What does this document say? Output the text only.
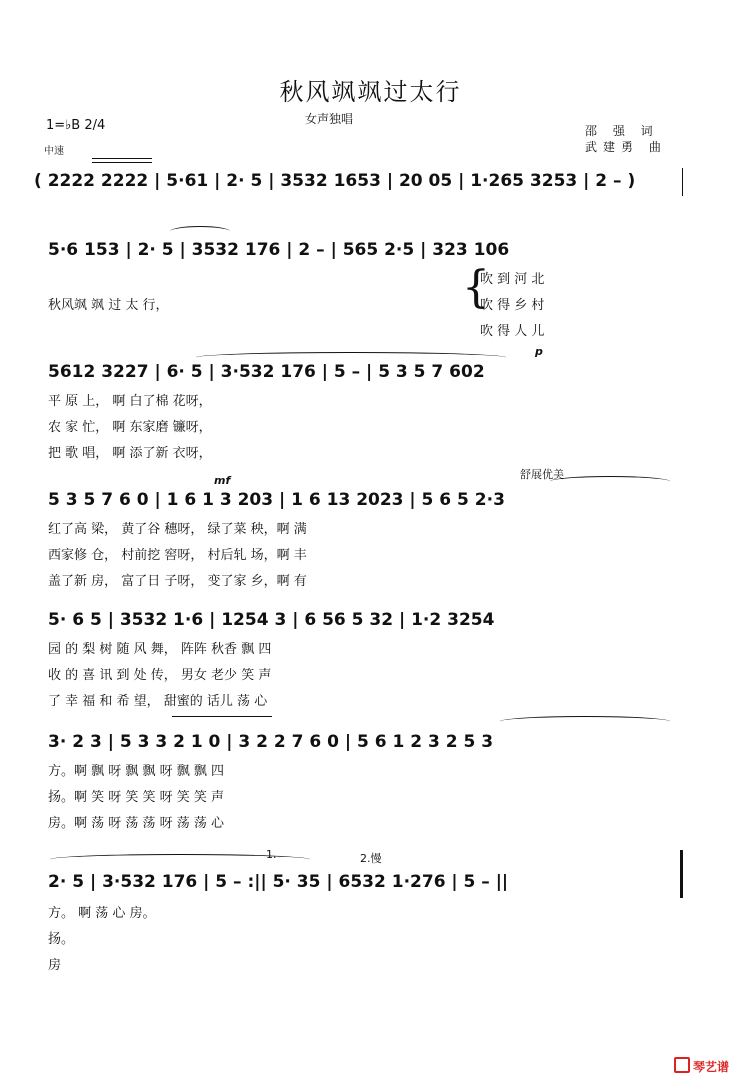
秋风飒飒过太行
女声独唱
邵 强 词
武建勇 曲
1=♭B 2/4
中速
( 2222 2222 | 5·61 | 2· 5 | 3532 1653 | 20 05 | 1·265 3253 | 2 – )
5·6 153 | 2· 5 | 3532 176 | 2 – | 565 2·5 | 323 106
秋风飒 飒 过 太 行，	{
吹 到 河 北
吹 得 乡 村
吹 得 人 儿
p
5612 3227 | 6· 5 | 3·532 176 | 5 – | 5 3 5 7 602
平 原 上， 啊 白了棉 花呀，
农 家 忙， 啊 东家磨 镰呀，
把 歌 唱， 啊 添了新 衣呀，
mf	舒展优美
5 3 5 7 6 0 | 1 6 1 3 203 | 1 6 13 2023 | 5 6 5 2·3
红了高 梁， 黄了谷 穗呀， 绿了菜 秧，啊 满
西家修 仓， 村前挖 窖呀， 村后轧 场，啊 丰
盖了新 房， 富了日 子呀， 变了家 乡，啊 有
5· 6 5 | 3532 1·6 | 1254 3 | 6 56 5 32 | 1·2 3254
园 的 梨 树 随 风 舞， 阵阵 秋香 飘 四
收 的 喜 讯 到 处 传， 男女 老少 笑 声
了 幸 福 和 希 望， 甜蜜的 话儿 荡 心
3· 2 3 | 5 3 3 2 1 0 | 3 2 2 7 6 0 | 5 6 1 2 3 2 5 3
方。啊 飘 呀 飘 飘 呀 飘 飘 四
扬。啊 笑 呀 笑 笑 呀 笑 笑 声
房。啊 荡 呀 荡 荡 呀 荡 荡 心
1.	2.慢
2· 5 | 3·532 176 | 5 – :|| 5· 35 | 6532 1·276 | 5 – ||
方。 啊 荡 心 房。
扬。
房
琴艺谱
